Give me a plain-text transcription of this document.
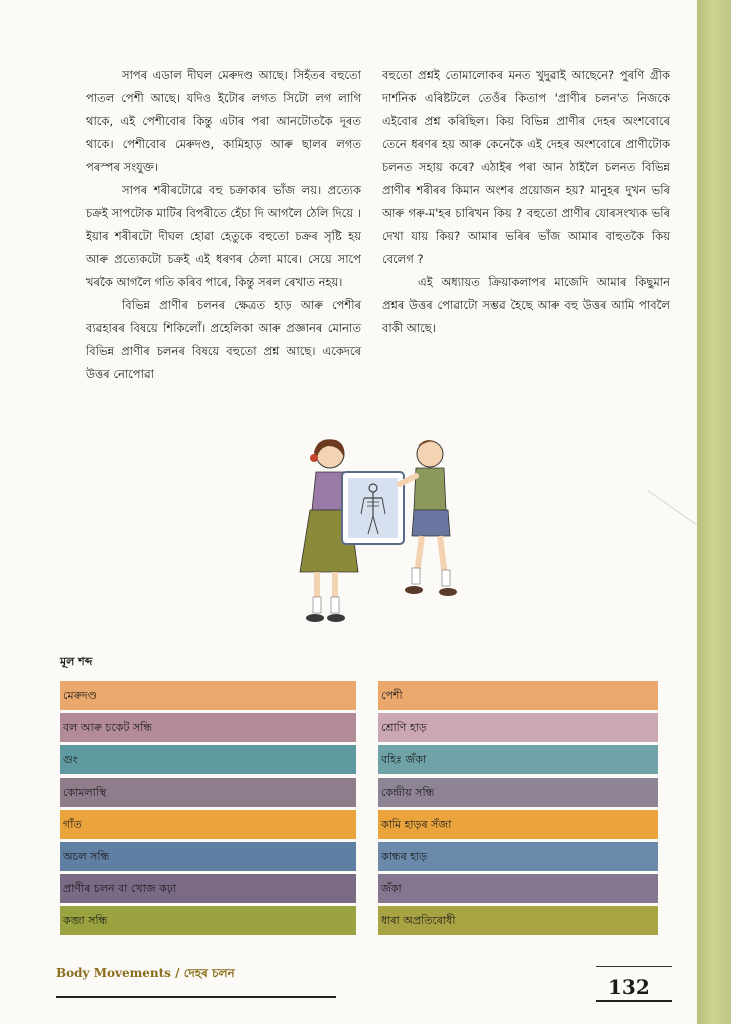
সাপৰ এডাল দীঘল মেৰুদণ্ড আছে। সিহঁতৰ বহুতো পাতল পেশী আছে। যদিও ইটোৰ লগত সিটো লগ লাগি থাকে, এই পেশীবোৰ কিন্তু এটাৰ পৰা আনটোতকৈ দূৰত থাকে। পেশীবোৰ মেৰুদণ্ড, কামিহাড় আৰু ছালৰ লগত পৰস্পৰ সংযুক্ত।

সাপৰ শৰীৰটোৱে বহু চক্ৰাকাৰ ভাঁজ লয়। প্ৰত্যেক চক্ৰই সাপটোক মাটিৰ বিপৰীতে হেঁচা দি আগলৈ ঠেলি দিয়ে । ইয়াৰ শৰীৰটো দীঘল হোৱা হেতুকে বহুতো চক্ৰৰ সৃষ্টি হয় আৰু প্ৰত্যেকটো চক্ৰই এই ধৰণৰ ঠেলা মাৰে। সেয়ে সাপে খৰকৈ আগলৈ গতি কৰিব পাৰে, কিন্তু সৰল ৰেখাত নহয়।

বিভিন্ন প্ৰাণীৰ চলনৰ ক্ষেত্ৰত হাড় আৰু পেশীৰ ব্যৱহাৰৰ বিষয়ে শিকিলোঁ। প্ৰহেলিকা আৰু প্ৰজ্ঞানৰ মোনাত বিভিন্ন প্ৰাণীৰ চলনৰ বিষয়ে বহুতো প্ৰশ্ন আছে। একেদৰে উত্তৰ নোপোৱা

বহুতো প্ৰশ্নই তোমালোকৰ মনত খুদুৱাই আছেনে? পুৰণি গ্ৰীক দাৰ্শনিক এৰিষ্টটলে তেওঁৰ কিতাপ 'প্ৰাণীৰ চলন'ত নিজকে এইবোৰ প্ৰশ্ন কৰিছিল। কিয় বিভিন্ন প্ৰাণীৰ দেহৰ অংশবোৰে তেনে ধৰণৰ হয় আৰু কেনেকৈ এই দেহৰ অংশবোৰে প্ৰাণীটোক চলনত সহায় কৰে? এঠাইৰ পৰা আন ঠাইলৈ চলনত বিভিন্ন প্ৰাণীৰ শৰীৰৰ কিমান অংশৰ প্ৰয়োজন হয়? মানুহৰ দুখন ভৰি আৰু গৰু-ম'হৰ চাৰিখন কিয় ? বহুতো প্ৰাণীৰ যোৰসংখ্যক ভৰি দেখা যায় কিয়? আমাৰ ভৰিৰ ভাঁজ আমাৰ বাহুতকৈ কিয় বেলেগ ?

এই অধ্যায়ত ক্ৰিয়াকলাপৰ মাজেদি আমাৰ কিছুমান প্ৰশ্নৰ উত্তৰ পোৱাটো সম্ভৱ হৈছে আৰু বহু উত্তৰ আমি পাবলৈ বাকী আছে।

মূল শব্দ
মেৰুদণ্ড
বল আৰু চকেট সন্ধি
গুং
কোমলাস্থি
গাঁত
অচল সন্ধি
প্ৰাণীৰ চলন বা খোজ কঢ়া
কব্জা সন্ধি
পেশী
শ্ৰোণি হাড়
বহিঃ জঁকা
কেন্দ্ৰীয় সন্ধি
কামি হাড়ৰ সঁজা
কান্ধৰ হাড়
জঁকা
ধাৰা অপ্ৰতিৰোধী
Body Movements / দেহৰ চলন
132
